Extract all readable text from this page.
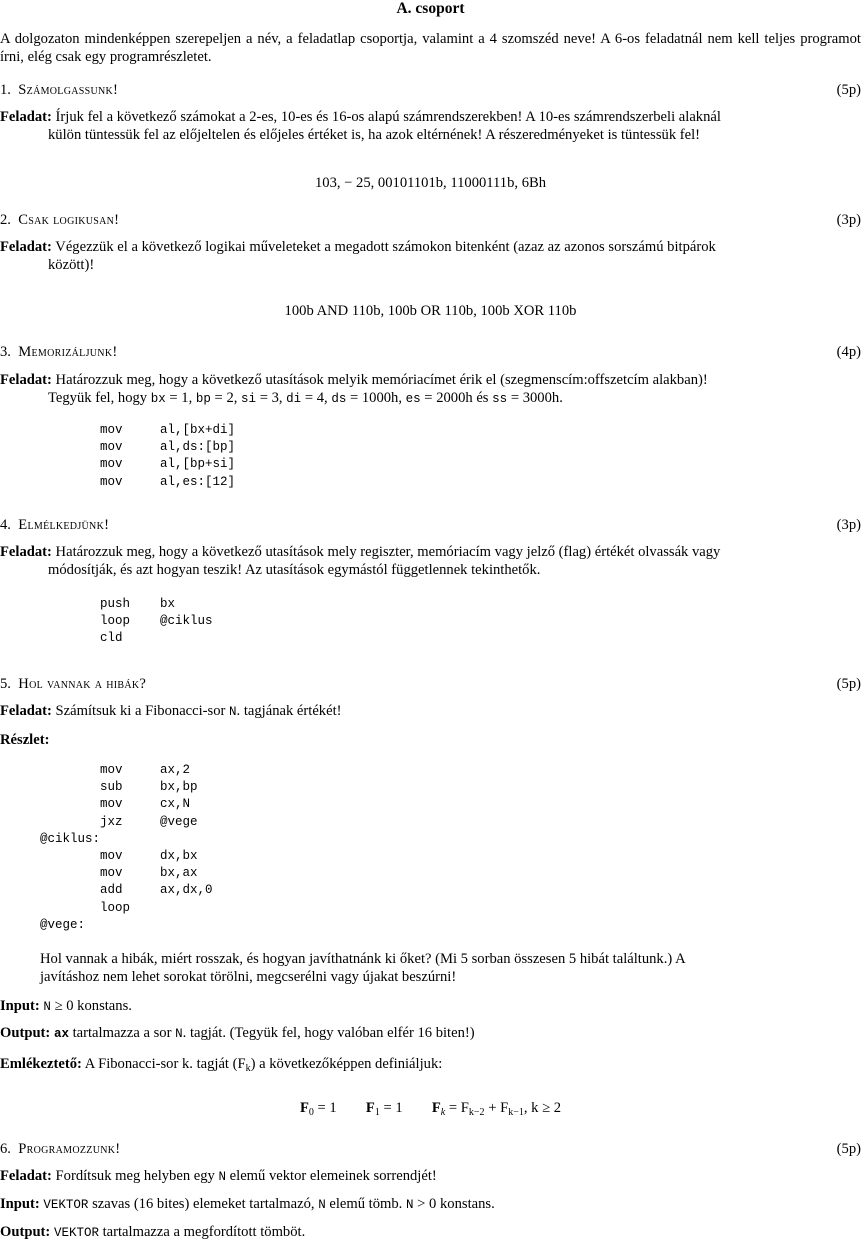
A. csoport
A dolgozaton mindenképpen szerepeljen a név, a feladatlap csoportja, valamint a 4 szomszéd neve! A 6-os feladatnál nem kell teljes programot írni, elég csak egy programrészletet.
1. Számolgassunk!	(5p)
Feladat: Írjuk fel a következő számokat a 2-es, 10-es és 16-os alapú számrendszerekben! A 10-es számrendszerbeli alaknál
külön tüntessük fel az előjeltelen és előjeles értéket is, ha azok eltérnének! A részeredményeket is tüntessük fel!
103, − 25, 00101101b, 11000111b, 6Bh
2. Csak logikusan!	(3p)
Feladat: Végezzük el a következő logikai műveleteket a megadott számokon bitenként (azaz az azonos sorszámú bitpárok
között)!
100b AND 110b, 100b OR 110b, 100b XOR 110b
3. Memorizáljunk!	(4p)
Feladat: Határozzuk meg, hogy a következő utasítások melyik memóriacímet érik el (szegmenscím:offszetcím alakban)!
Tegyük fel, hogy bx = 1, bp = 2, si = 3, di = 4, ds = 1000h, es = 2000h és ss = 3000h.
mov	al,[bx+di]
mov	al,ds:[bp]
mov	al,[bp+si]
mov	al,es:[12]
4. Elmélkedjünk!	(3p)
Feladat: Határozzuk meg, hogy a következő utasítások mely regiszter, memóriacím vagy jelző (flag) értékét olvassák vagy
módosítják, és azt hogyan teszik! Az utasítások egymástól függetlennek tekinthetők.
push bx
loop @ciklus
cld
5. Hol vannak a hibák?	(5p)
Feladat: Számítsuk ki a Fibonacci-sor N. tagjának értékét!
Részlet:
mov	ax,2
sub	bx,bp
mov	cx,N
jxz	@vege
@ciklus:
mov	dx,bx
mov	bx,ax
add	ax,dx,0
loop
@vege:
Hol vannak a hibák, miért rosszak, és hogyan javíthatnánk ki őket? (Mi 5 sorban összesen 5 hibát találtunk.) A
javításhoz nem lehet sorokat törölni, megcserélni vagy újakat beszúrni!
Input: N ≥ 0 konstans.
Output: ax tartalmazza a sor N. tagját. (Tegyük fel, hogy valóban elfér 16 biten!)
Emlékeztető: A Fibonacci-sor k. tagját $(F_k)$ a következőképpen definiáljuk:
$F_0 = 1$ $F_1 = 1$ $F_k = F_{k-2} + F_{k-1}$, k ≥ 2
6. Programozzunk!	(5p)
Feladat: Fordítsuk meg helyben egy N elemű vektor elemeinek sorrendjét!
Input: VEKTOR szavas (16 bites) elemeket tartalmazó, N elemű tömb. N > 0 konstans.
Output: VEKTOR tartalmazza a megfordított tömböt.
